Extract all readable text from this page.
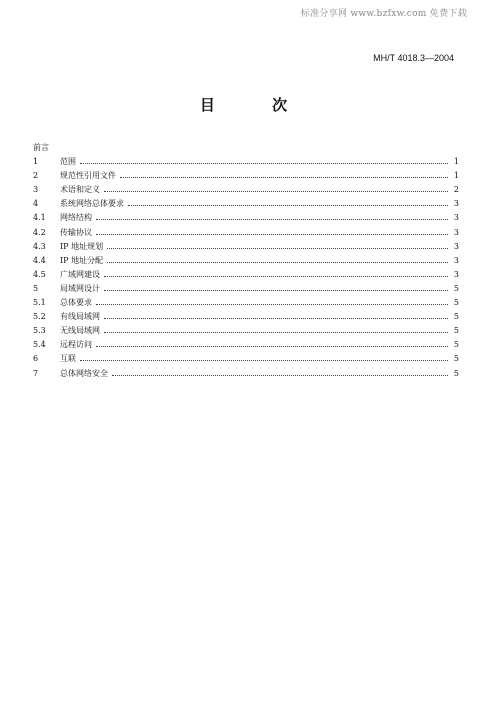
标准分享网 www.bzfxw.com 免费下载
MH/T 4018.3—2004
目 次
前言
1	范围	1
2	规范性引用文件	1
3	术语和定义	2
4	系统网络总体要求	3
4.1	网络结构	3
4.2	传输协议	3
4.3	IP 地址规划	3
4.4	IP 地址分配	3
4.5	广域网建设	3
5	局域网设计	5
5.1	总体要求	5
5.2	有线局域网	5
5.3	无线局域网	5
5.4	远程访问	5
6	互联	5
7	总体网络安全	5
